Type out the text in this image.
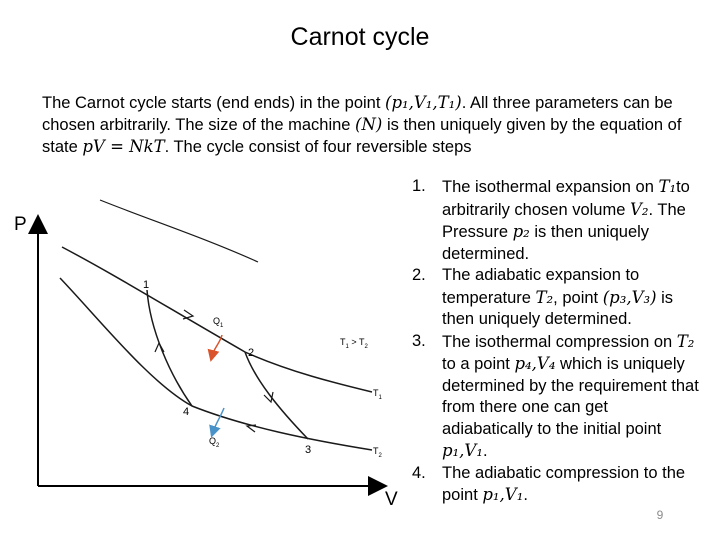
Carnot cycle
The Carnot cycle starts (end ends) in the point (p₁,V₁,T₁). All three parameters can be chosen arbitrarily. The size of the machine (N) is then uniquely given by the equation of state pV = NkT. The cycle consist of four reversible steps
1. The isothermal expansion on T₁to arbitrarily chosen volume V₂. The Pressure p₂ is then uniquely determined.
2. The adiabatic expansion to temperature T₂, point (p₃,V₃) is then uniquely determined.
3. The isothermal compression on T₂ to a point p₄,V₄ which is uniquely determined by the requirement that from there one can get adiabatically to the initial point p₁,V₁.
4. The adiabatic compression to the point p₁,V₁.
P
V
1
2
3
4
$Q_1$
$Q_2$
$T_1$
$T_2$
$T_1 > T_2$
9
